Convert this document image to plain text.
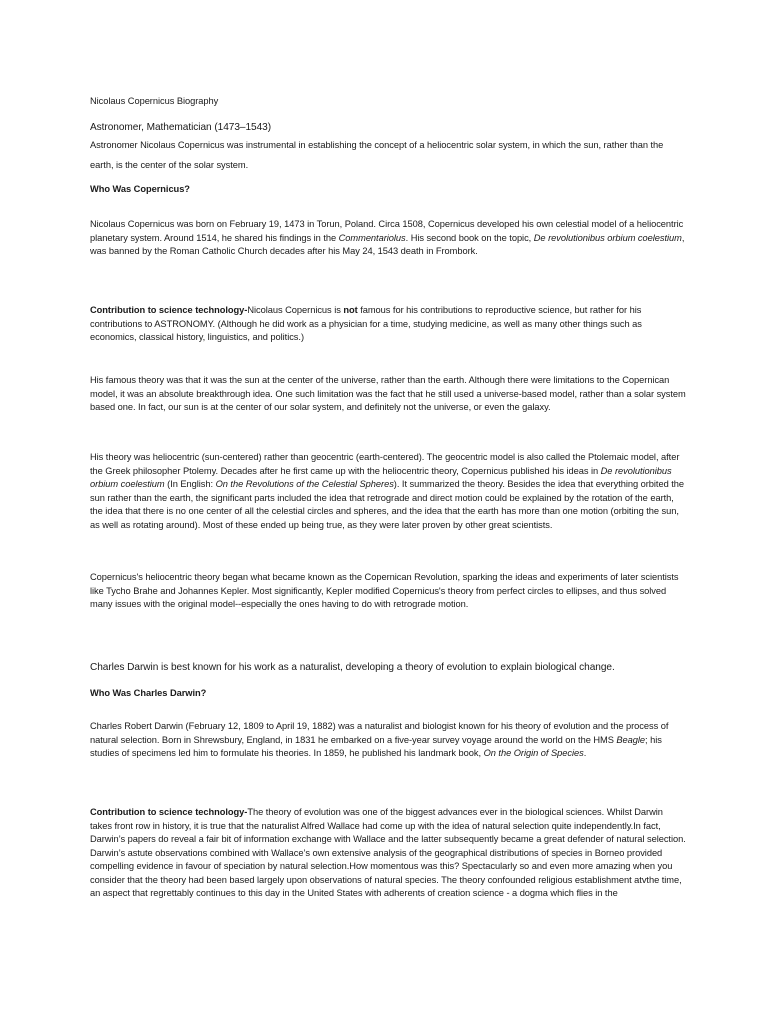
Nicolaus Copernicus Biography

Astronomer, Mathematician (1473–1543)

Astronomer Nicolaus Copernicus was instrumental in establishing the concept of a heliocentric solar system, in which the sun, rather than the earth, is the center of the solar system.

Who Was Copernicus?

Nicolaus Copernicus was born on February 19, 1473 in Torun, Poland. Circa 1508, Copernicus developed his own celestial model of a heliocentric planetary system. Around 1514, he shared his findings in the Commentariolus. His second book on the topic, De revolutionibus orbium coelestium, was banned by the Roman Catholic Church decades after his May 24, 1543 death in Frombork.

Contribution to science technology-Nicolaus Copernicus is not famous for his contributions to reproductive science, but rather for his contributions to ASTRONOMY. (Although he did work as a physician for a time, studying medicine, as well as many other things such as economics, classical history, linguistics, and politics.)

His famous theory was that it was the sun at the center of the universe, rather than the earth. Although there were limitations to the Copernican model, it was an absolute breakthrough idea. One such limitation was the fact that he still used a universe-based model, rather than a solar system based one. In fact, our sun is at the center of our solar system, and definitely not the universe, or even the galaxy.

His theory was heliocentric (sun-centered) rather than geocentric (earth-centered). The geocentric model is also called the Ptolemaic model, after the Greek philosopher Ptolemy. Decades after he first came up with the heliocentric theory, Copernicus published his ideas in De revolutionibus orbium coelestium (In English: On the Revolutions of the Celestial Spheres). It summarized the theory. Besides the idea that everything orbited the sun rather than the earth, the significant parts included the idea that retrograde and direct motion could be explained by the rotation of the earth, the idea that there is no one center of all the celestial circles and spheres, and the idea that the earth has more than one motion (orbiting the sun, as well as rotating around). Most of these ended up being true, as they were later proven by other great scientists.

Copernicus's heliocentric theory began what became known as the Copernican Revolution, sparking the ideas and experiments of later scientists like Tycho Brahe and Johannes Kepler. Most significantly, Kepler modified Copernicus's theory from perfect circles to ellipses, and thus solved many issues with the original model--especially the ones having to do with retrograde motion.

Charles Darwin is best known for his work as a naturalist, developing a theory of evolution to explain biological change.

Who Was Charles Darwin?

Charles Robert Darwin (February 12, 1809 to April 19, 1882) was a naturalist and biologist known for his theory of evolution and the process of natural selection. Born in Shrewsbury, England, in 1831 he embarked on a five-year survey voyage around the world on the HMS Beagle; his studies of specimens led him to formulate his theories. In 1859, he published his landmark book, On the Origin of Species.

Contribution to science technology-The theory of evolution was one of the biggest advances ever in the biological sciences. Whilst Darwin takes front row in history, it is true that the naturalist Alfred Wallace had come up with the idea of natural selection quite independently.In fact, Darwin’s papers do reveal a fair bit of information exchange with Wallace and the latter subsequently became a great defender of natural selection. Darwin’s astute observations combined with Wallace’s own extensive analysis of the geographical distributions of species in Borneo provided compelling evidence in favour of speciation by natural selection.How momentous was this? Spectacularly so and even more amazing when you consider that the theory had been based largely upon observations of natural species. The theory confounded religious establishment atvthe time, an aspect that regrettably continues to this day in the United States with adherents of creation science - a dogma which flies in the
